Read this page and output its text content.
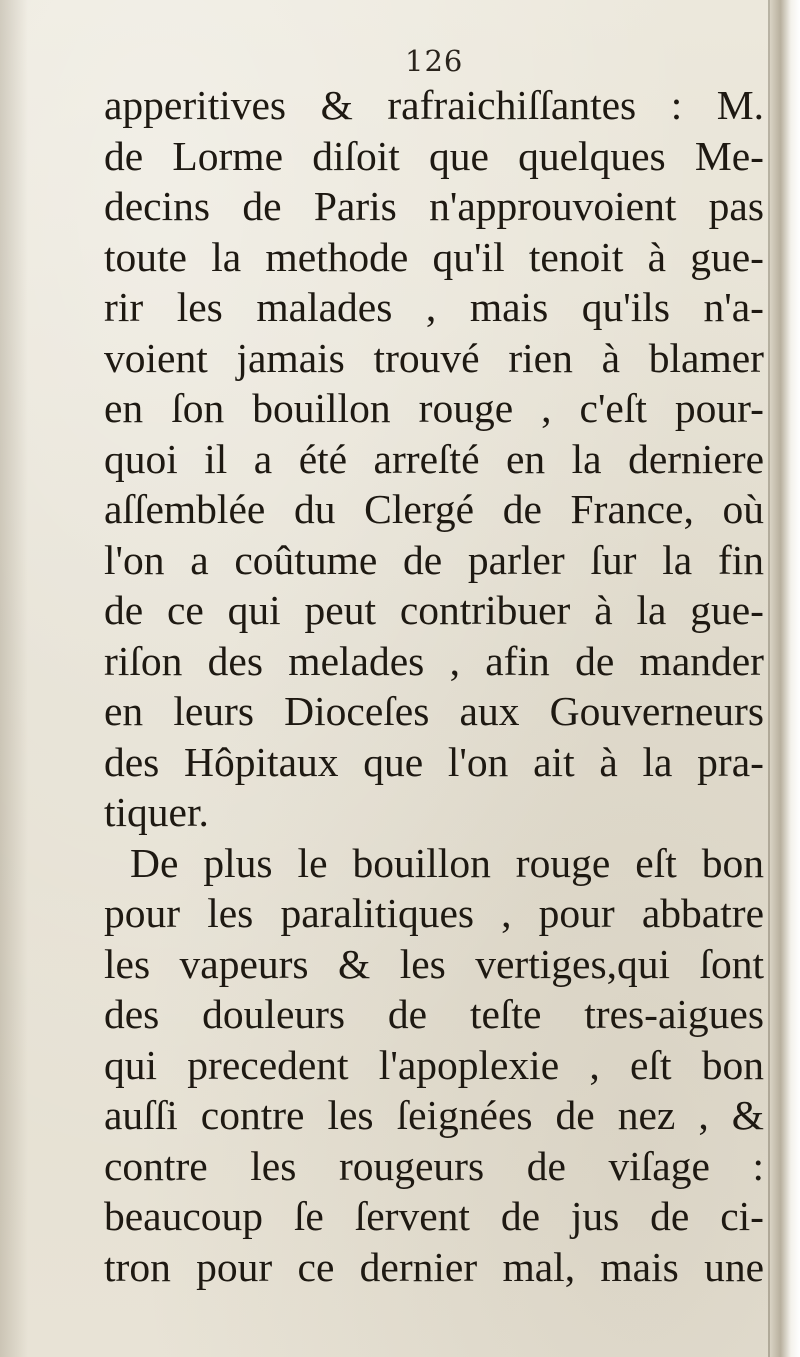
126
apperitives & rafraichiſſantes : M.
de Lorme diſoit que quelques Me-
decins de Paris n'approuvoient pas
toute la methode qu'il tenoit à gue-
rir les malades , mais qu'ils n'a-
voient jamais trouvé rien à blamer
en ſon bouillon rouge , c'eſt pour-
quoi il a été arreſté en la derniere
aſſemblée du Clergé de France, où
l'on a coûtume de parler ſur la fin
de ce qui peut contribuer à la gue-
riſon des melades , afin de mander
en leurs Dioceſes aux Gouverneurs
des Hôpitaux que l'on ait à la pra-
tiquer.
De plus le bouillon rouge eſt bon
pour les paralitiques , pour abbatre
les vapeurs & les vertiges,qui ſont
des douleurs de teſte tres-aigues
qui precedent l'apoplexie , eſt bon
auſſi contre les ſeignées de nez , &
contre les rougeurs de viſage :
beaucoup ſe ſervent de jus de ci-
tron pour ce dernier mal, mais une
